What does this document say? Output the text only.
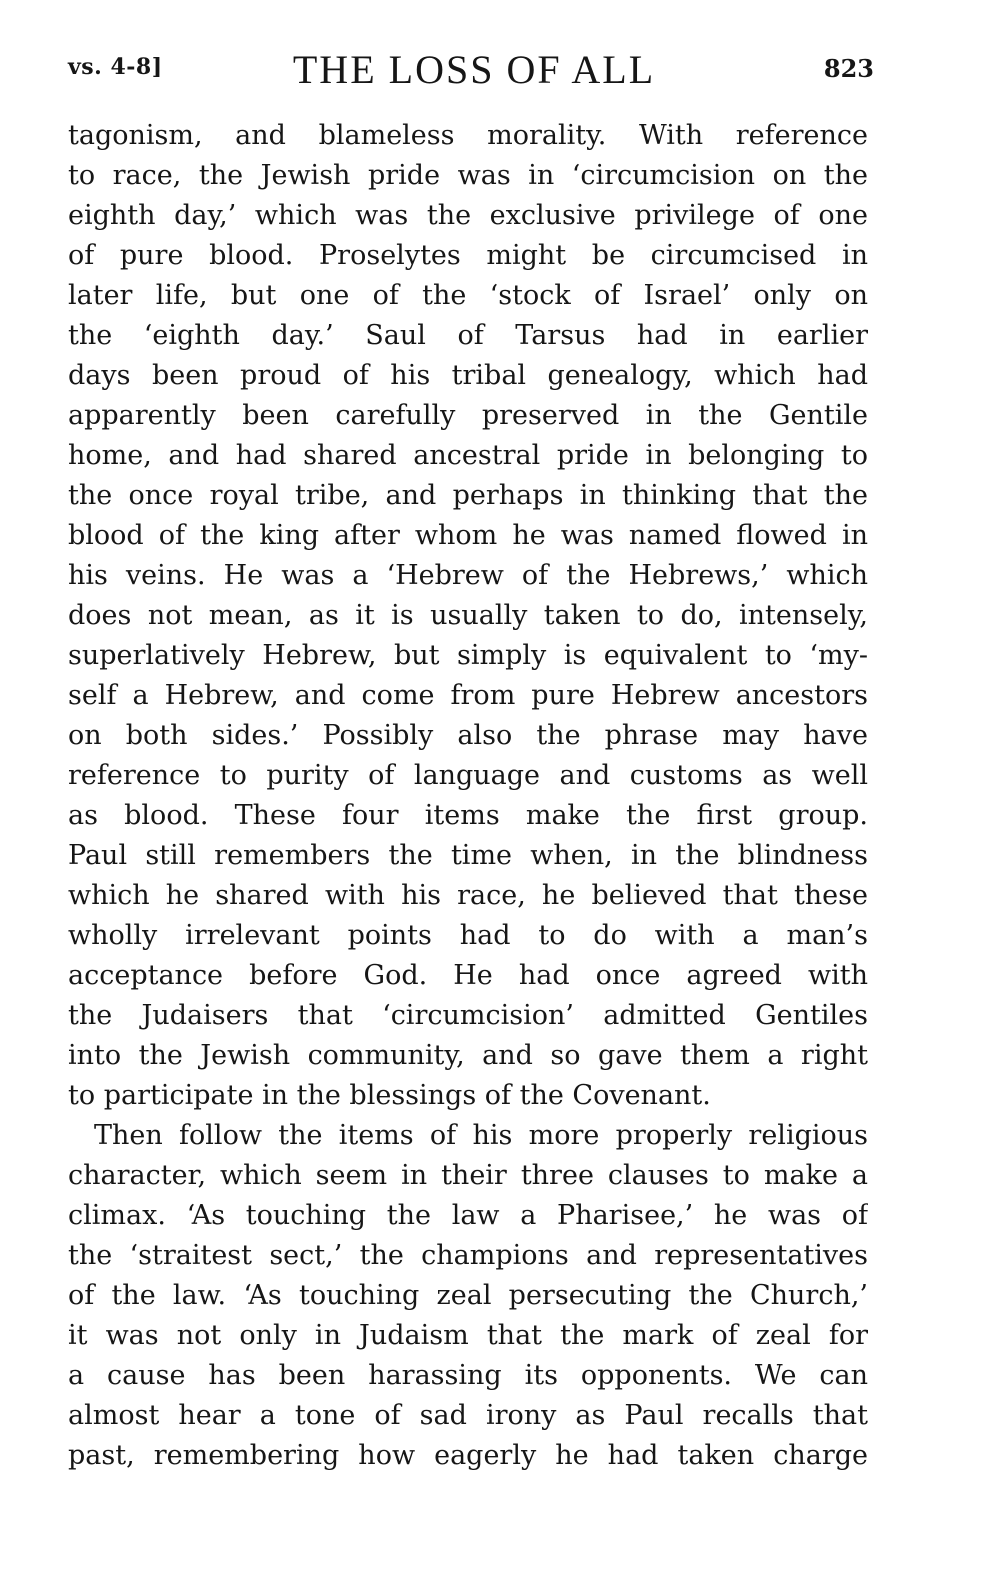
vs. 4-8]	THE LOSS OF ALL	823
tagonism, and blameless morality. With reference
to race, the Jewish pride was in ‘circumcision on the
eighth day,’ which was the exclusive privilege of one
of pure blood. Proselytes might be circumcised in
later life, but one of the ‘stock of Israel’ only on
the ‘eighth day.’ Saul of Tarsus had in earlier
days been proud of his tribal genealogy, which had
apparently been carefully preserved in the Gentile
home, and had shared ancestral pride in belonging to
the once royal tribe, and perhaps in thinking that the
blood of the king after whom he was named flowed in
his veins. He was a ‘Hebrew of the Hebrews,’ which
does not mean, as it is usually taken to do, intensely,
superlatively Hebrew, but simply is equivalent to ‘my-
self a Hebrew, and come from pure Hebrew ancestors
on both sides.’ Possibly also the phrase may have
reference to purity of language and customs as well
as blood. These four items make the first group.
Paul still remembers the time when, in the blindness
which he shared with his race, he believed that these
wholly irrelevant points had to do with a man’s
acceptance before God. He had once agreed with
the Judaisers that ‘circumcision’ admitted Gentiles
into the Jewish community, and so gave them a right
to participate in the blessings of the Covenant.
Then follow the items of his more properly religious
character, which seem in their three clauses to make a
climax. ‘As touching the law a Pharisee,’ he was of
the ‘straitest sect,’ the champions and representatives
of the law. ‘As touching zeal persecuting the Church,’
it was not only in Judaism that the mark of zeal for
a cause has been harassing its opponents. We can
almost hear a tone of sad irony as Paul recalls that
past, remembering how eagerly he had taken charge
